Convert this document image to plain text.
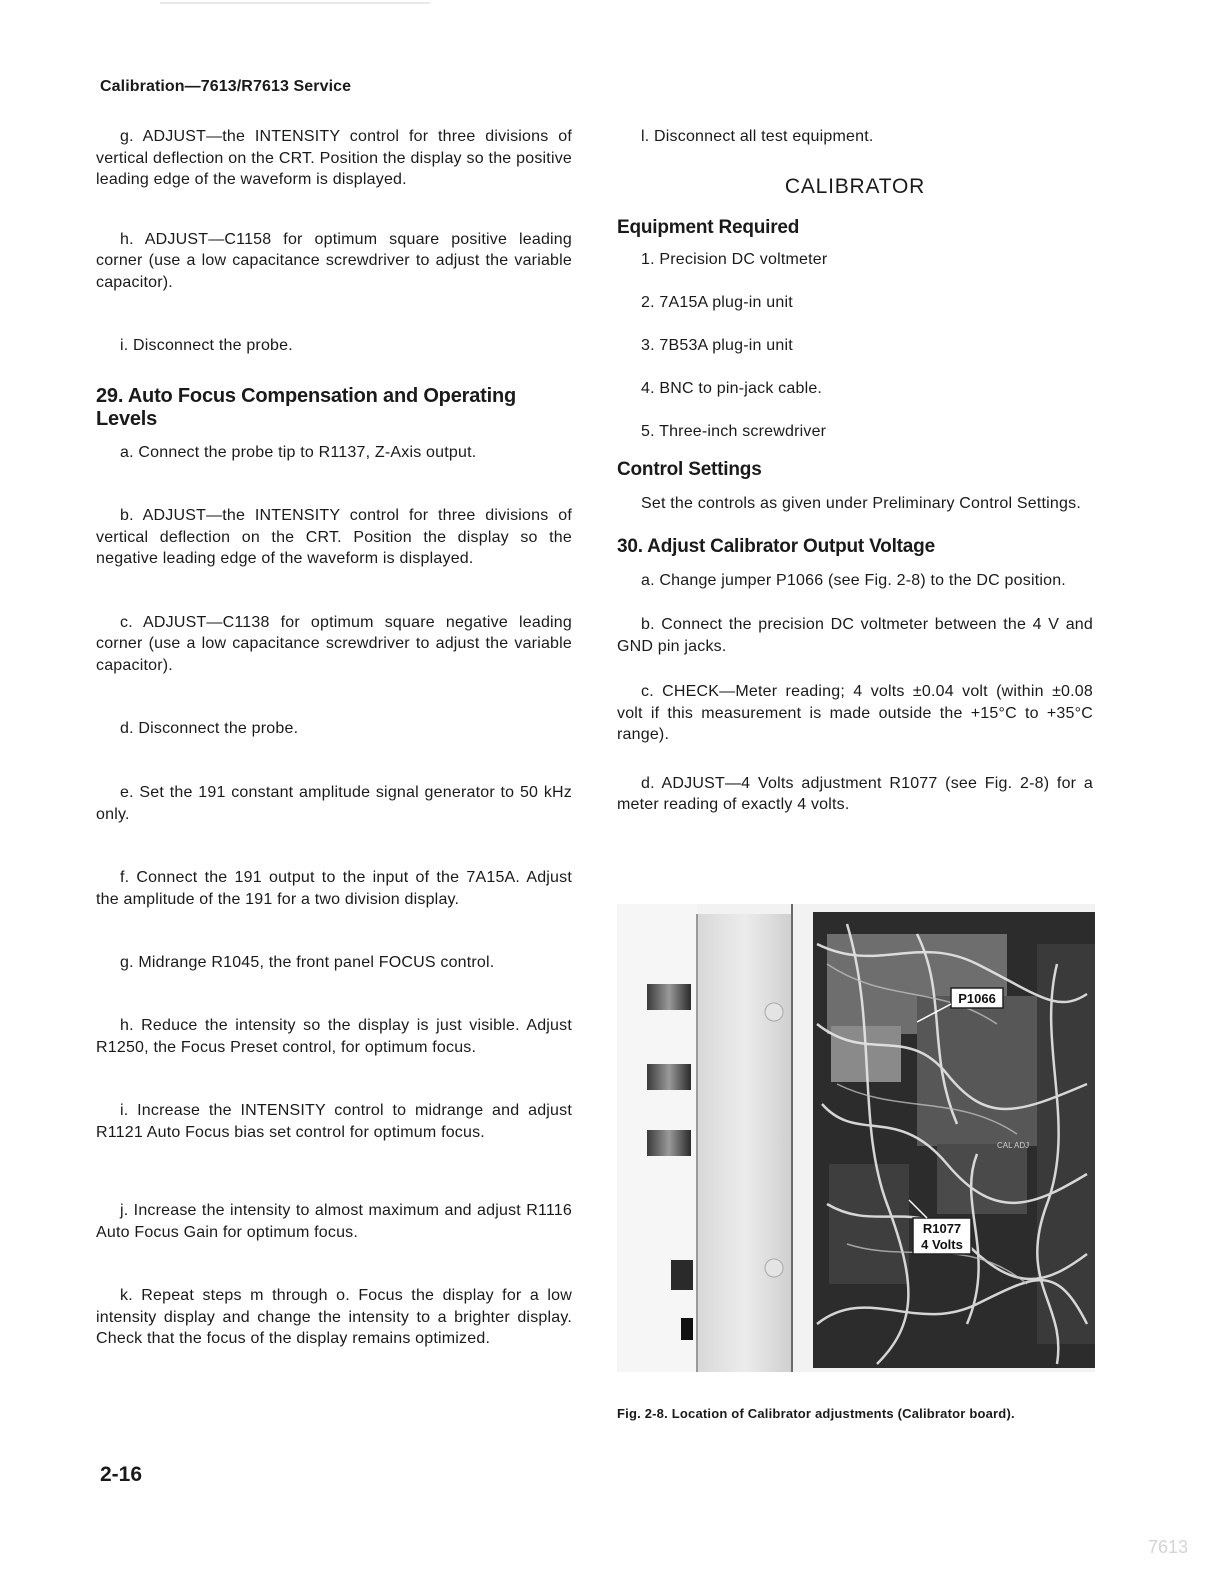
Calibration—7613/R7613 Service

g. ADJUST—the INTENSITY control for three divisions of vertical deflection on the CRT. Position the display so the positive leading edge of the waveform is displayed.

h. ADJUST—C1158 for optimum square positive leading corner (use a low capacitance screwdriver to adjust the variable capacitor).

i. Disconnect the probe.

29. Auto Focus Compensation and Operating Levels

a. Connect the probe tip to R1137, Z-Axis output.

b. ADJUST—the INTENSITY control for three divisions of vertical deflection on the CRT. Position the display so the negative leading edge of the waveform is displayed.

c. ADJUST—C1138 for optimum square negative leading corner (use a low capacitance screwdriver to adjust the variable capacitor).

d. Disconnect the probe.

e. Set the 191 constant amplitude signal generator to 50 kHz only.

f. Connect the 191 output to the input of the 7A15A. Adjust the amplitude of the 191 for a two division display.

g. Midrange R1045, the front panel FOCUS control.

h. Reduce the intensity so the display is just visible. Adjust R1250, the Focus Preset control, for optimum focus.

i. Increase the INTENSITY control to midrange and adjust R1121 Auto Focus bias set control for optimum focus.

j. Increase the intensity to almost maximum and adjust R1116 Auto Focus Gain for optimum focus.

k. Repeat steps m through o. Focus the display for a low intensity display and change the intensity to a brighter display. Check that the focus of the display remains optimized.

l. Disconnect all test equipment.

CALIBRATOR
Equipment Required

1. Precision DC voltmeter

2. 7A15A plug-in unit

3. 7B53A plug-in unit

4. BNC to pin-jack cable.

5. Three-inch screwdriver

Control Settings

Set the controls as given under Preliminary Control Settings.

30. Adjust Calibrator Output Voltage

a. Change jumper P1066 (see Fig. 2-8) to the DC position.

b. Connect the precision DC voltmeter between the 4 V and GND pin jacks.

c. CHECK—Meter reading; 4 volts ±0.04 volt (within ±0.08 volt if this measurement is made outside the +15°C to +35°C range).

d. ADJUST—4 Volts adjustment R1077 (see Fig. 2-8) for a meter reading of exactly 4 volts.

P1066
CAL ADJ
R1077
4 Volts

Fig. 2-8. Location of Calibrator adjustments (Calibrator board).

2-16
7613
